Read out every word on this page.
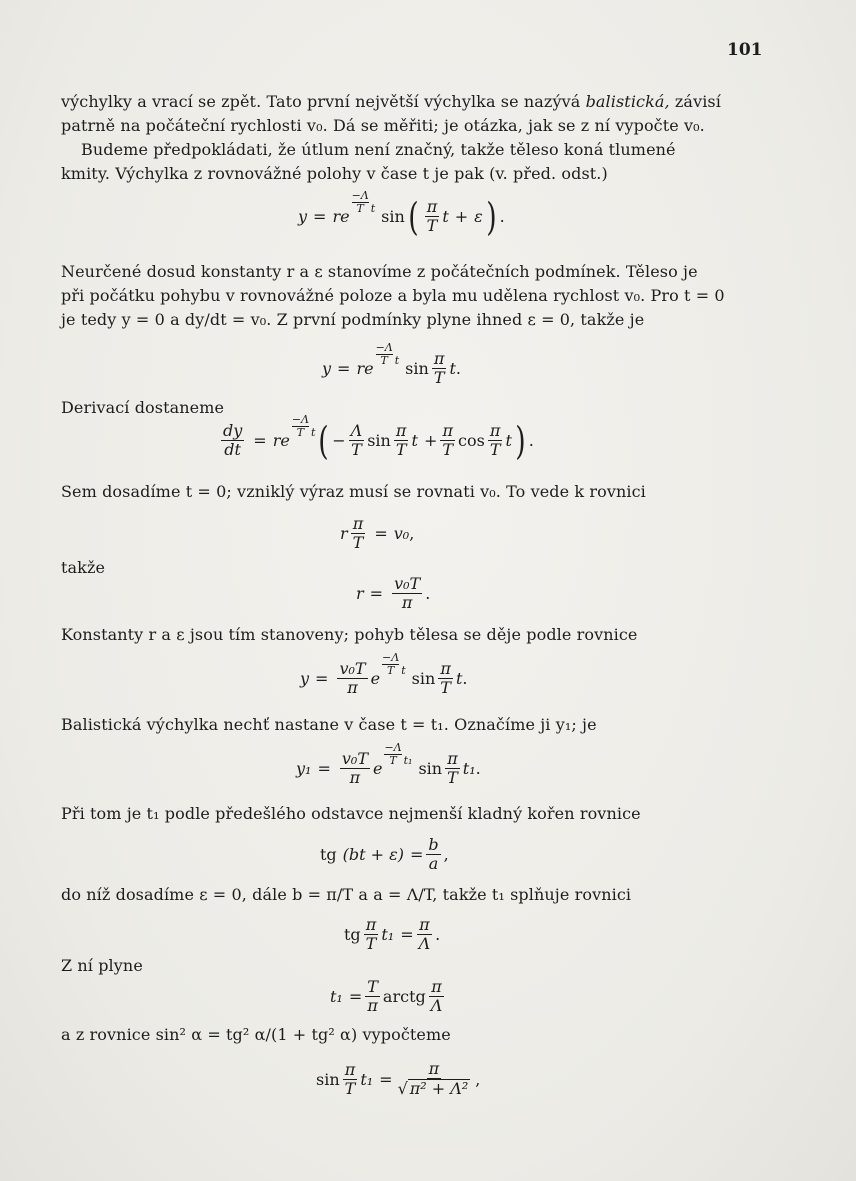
101
výchylky a vrací se zpět. Tato první největší výchylka se nazývá balistická, závisí
patrně na počáteční rychlosti v₀. Dá se měřiti; je otázka, jak se z ní vypočte v₀.
Budeme předpokládati, že útlum není značný, takže těleso koná tlumené
kmity. Výchylka z rovnovážné polohy v čase t je pak (v. před. odst.)
y = re
−Λ
T t sin ( $\frac{\pi}{T}$ t + ε ) .
Neurčené dosud konstanty r a ε stanovíme z počátečních podmínek. Těleso je
při počátku pohybu v rovnovážné poloze a byla mu udělena rychlost v₀. Pro t = 0
je tedy y = 0 a dy/dt = v₀. Z první podmínky plyne ihned ε = 0, takže je
y = re
−Λ
T t $\sin \frac{\pi}{T}$ t .
Derivací dostaneme
$\frac{dy}{dt}$ = re
−Λ
T t ( − $\frac{\Lambda}{T}$ $\sin \frac{\pi}{T}$ $t + \frac{\pi}{T}$ $\cos \frac{\pi}{T}$ t ) .
Sem dosadíme t = 0; vzniklý výraz musí se rovnati v₀. To vede k rovnici
r $\frac{\pi}{T} = v_0$ ,
takže
$r = \frac{\text{v₀T}}{\pi}$ .
Konstanty r a ε jsou tím stanoveny; pohyb tělesa se děje podle rovnice
$y = \frac{\text{v₀T}}{\pi}$ e
−Λ
T t $\sin \frac{\pi}{T}$ t .
Balistická výchylka nechť nastane v čase t = t₁. Označíme ji y₁; je
$y_1 = \frac{\text{v₀T}}{\pi}$ e
−Λ
T t₁ $\sin \frac{\pi}{T} t_1$ .
Při tom je t₁ podle předešlého odstavce nejmenší kladný kořen rovnice
tg $(bt + \varepsilon) = \frac{b}{a}$ ,
do níž dosadíme ε = 0, dále b = π/T a a = Λ/T, takže t₁ splňuje rovnici
tg $\frac{\pi}{T} t_1 = \frac{\pi}{\Lambda}$ .
Z ní plyne
$t_1 = \frac{T}{\pi}$ arctg $\frac{\pi}{\Lambda}$
a z rovnice sin² α = tg² α/(1 + tg² α) vypočteme
$\sin \frac{\pi}{T} t_1 = \frac{\pi}{\text{√ π² + Λ²}}$ ,
